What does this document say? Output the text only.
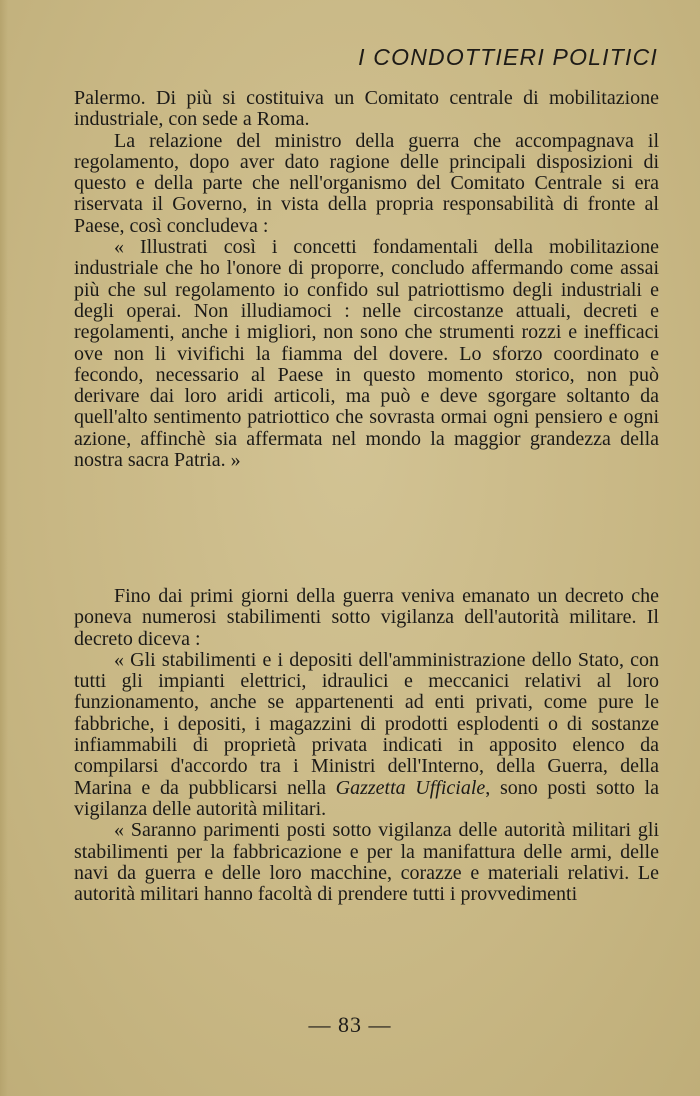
I CONDOTTIERI POLITICI

Palermo. Di più si costituiva un Comitato centrale di mobilitazione industriale, con sede a Roma.

La relazione del ministro della guerra che accompagnava il regolamento, dopo aver dato ragione delle principali disposizioni di questo e della parte che nell'organismo del Comitato Centrale si era riservata il Governo, in vista della propria responsabilità di fronte al Paese, così concludeva :

« Illustrati così i concetti fondamentali della mobilitazione industriale che ho l'onore di proporre, concludo affermando come assai più che sul regolamento io confido sul patriottismo degli industriali e degli operai. Non illudiamoci : nelle circostanze attuali, decreti e regolamenti, anche i migliori, non sono che strumenti rozzi e inefficaci ove non li vivifichi la fiamma del dovere. Lo sforzo coordinato e fecondo, necessario al Paese in questo momento storico, non può derivare dai loro aridi articoli, ma può e deve sgorgare soltanto da quell'alto sentimento patriottico che sovrasta ormai ogni pensiero e ogni azione, affinchè sia affermata nel mondo la maggior grandezza della nostra sacra Patria. »

Fino dai primi giorni della guerra veniva emanato un decreto che poneva numerosi stabilimenti sotto vigilanza dell'autorità militare. Il decreto diceva :

« Gli stabilimenti e i depositi dell'amministrazione dello Stato, con tutti gli impianti elettrici, idraulici e meccanici relativi al loro funzionamento, anche se appartenenti ad enti privati, come pure le fabbriche, i depositi, i magazzini di prodotti esplodenti o di sostanze infiammabili di proprietà privata indicati in apposito elenco da compilarsi d'accordo tra i Ministri dell'Interno, della Guerra, della Marina e da pubblicarsi nella Gazzetta Ufficiale, sono posti sotto la vigilanza delle autorità militari.

« Saranno parimenti posti sotto vigilanza delle autorità militari gli stabilimenti per la fabbricazione e per la manifattura delle armi, delle navi da guerra e delle loro macchine, corazze e materiali relativi. Le autorità militari hanno facoltà di prendere tutti i provvedimenti

— 83 —
